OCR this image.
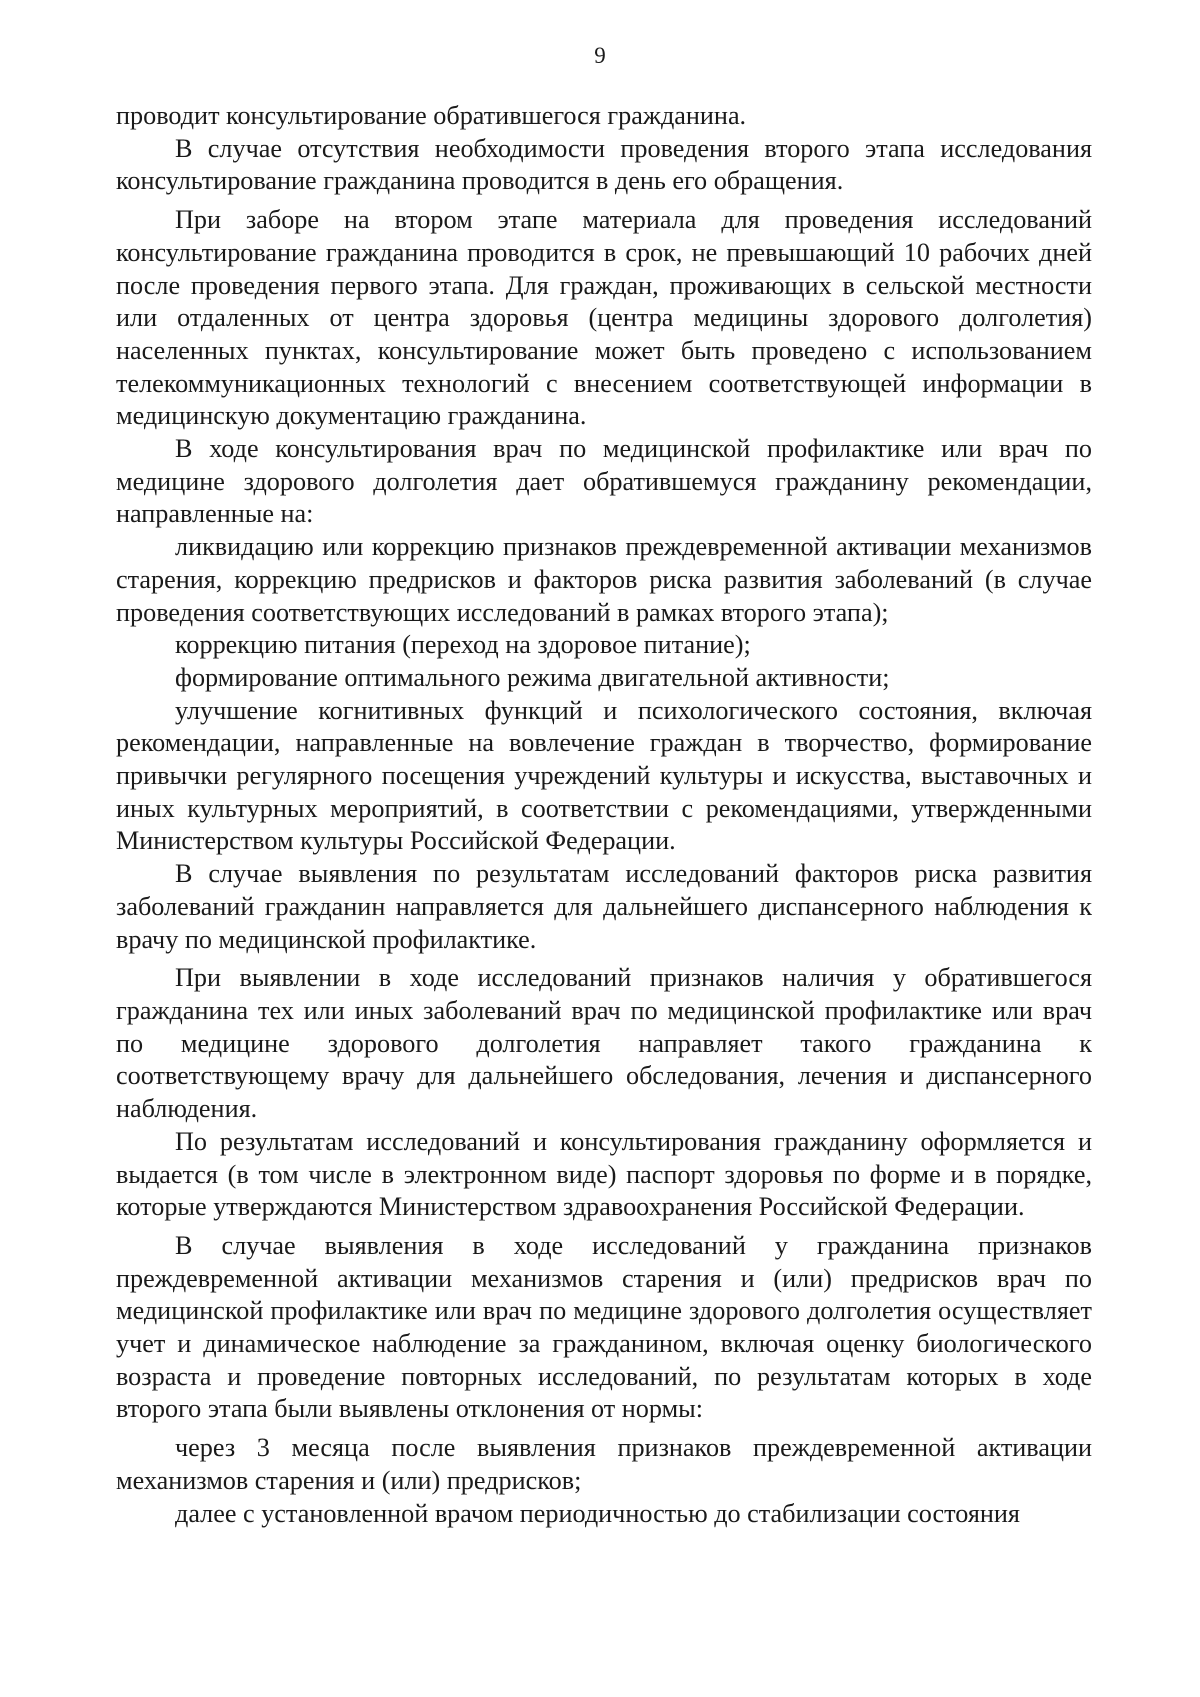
9

проводит консультирование обратившегося гражданина.

В случае отсутствия необходимости проведения второго этапа исследования консультирование гражданина проводится в день его обращения.

При заборе на втором этапе материала для проведения исследований консультирование гражданина проводится в срок, не превышающий 10 рабочих дней после проведения первого этапа. Для граждан, проживающих в сельской местности или отдаленных от центра здоровья (центра медицины здорового долголетия) населенных пунктах, консультирование может быть проведено с использованием телекоммуникационных технологий с внесением соответствующей информации в медицинскую документацию гражданина.

В ходе консультирования врач по медицинской профилактике или врач по медицине здорового долголетия дает обратившемуся гражданину рекомендации, направленные на:

ликвидацию или коррекцию признаков преждевременной активации механизмов старения, коррекцию предрисков и факторов риска развития заболеваний (в случае проведения соответствующих исследований в рамках второго этапа);

коррекцию питания (переход на здоровое питание);

формирование оптимального режима двигательной активности;

улучшение когнитивных функций и психологического состояния, включая рекомендации, направленные на вовлечение граждан в творчество, формирование привычки регулярного посещения учреждений культуры и искусства, выставочных и иных культурных мероприятий, в соответствии с рекомендациями, утвержденными Министерством культуры Российской Федерации.

В случае выявления по результатам исследований факторов риска развития заболеваний гражданин направляется для дальнейшего диспансерного наблюдения к врачу по медицинской профилактике.

При выявлении в ходе исследований признаков наличия у обратившегося гражданина тех или иных заболеваний врач по медицинской профилактике или врач по медицине здорового долголетия направляет такого гражданина к соответствующему врачу для дальнейшего обследования, лечения и диспансерного наблюдения.

По результатам исследований и консультирования гражданину оформляется и выдается (в том числе в электронном виде) паспорт здоровья по форме и в порядке, которые утверждаются Министерством здравоохранения Российской Федерации.

В случае выявления в ходе исследований у гражданина признаков преждевременной активации механизмов старения и (или) предрисков врач по медицинской профилактике или врач по медицине здорового долголетия осуществляет учет и динамическое наблюдение за гражданином, включая оценку биологического возраста и проведение повторных исследований, по результатам которых в ходе второго этапа были выявлены отклонения от нормы:

через 3 месяца после выявления признаков преждевременной активации механизмов старения и (или) предрисков;

далее с установленной врачом периодичностью до стабилизации состояния
